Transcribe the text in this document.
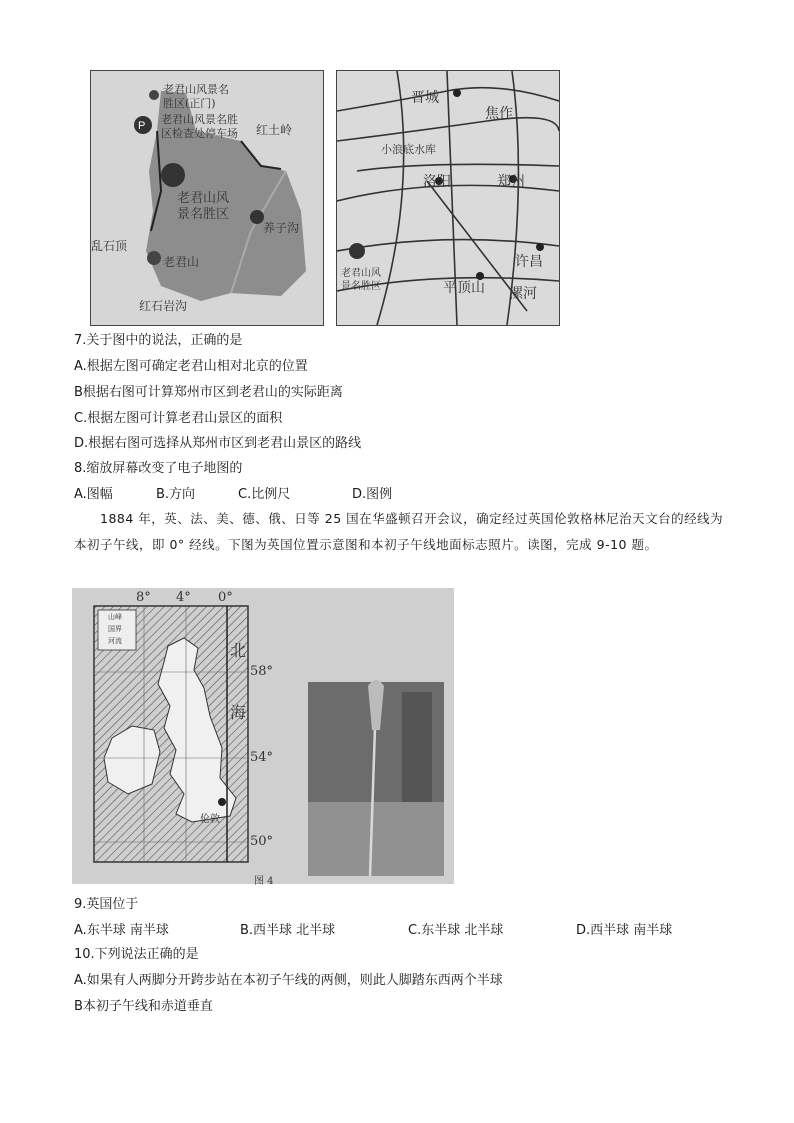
P
老君山风景名
胜区(正门)
老君山风景名胜
区检查处停车场 红土岭
老君山风
景名胜区
养子沟
乱石顶
老君山
红石岩沟
晋城
焦作
小浪底水库
洛阳	郑州
许昌
老君山风
景名胜区	平顶山 漯河
7.关于图中的说法，正确的是
A.根据左图可确定老君山相对北京的位置
B根据右图可计算郑州市区到老君山的实际距离
C.根据左图可计算老君山景区的面积
D.根据右图可选择从郑州市区到老君山景区的路线
8.缩放屏幕改变了电子地图的
A.图幅	B.方向	C.比例尺	D.图例
1884 年，英、法、美、德、俄、日等 25 国在华盛顿召开会议，确定经过英国伦敦格林尼治天文台的经线为本初子午线，即 0° 经线。下图为英国位置示意图和本初子午线地面标志照片。读图，完成 9-10 题。
8° 4° 0°
58°
54°
50°
山峰
国界
河流	北
海
伦敦
图 4
9.英国位于
A.东半球 南半球	B.西半球 北半球	C.东半球 北半球	D.西半球 南半球
10.下列说法正确的是
A.如果有人两脚分开跨步站在本初子午线的两侧，则此人脚踏东西两个半球
B本初子午线和赤道垂直
